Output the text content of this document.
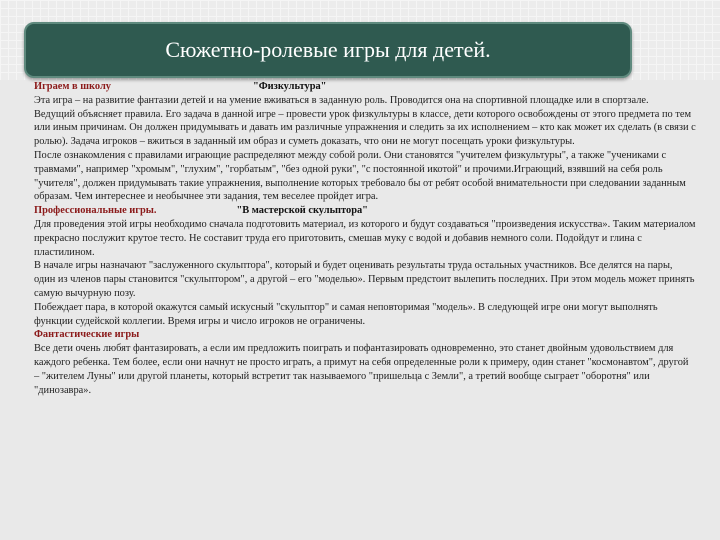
Сюжетно-ролевые игры для детей.

Играем в школу	"Физкультура"

Эта игра – на развитие фантазии детей и на умение вживаться в заданную роль. Проводится она на спортивной площадке или в спортзале.

Ведущий объясняет правила. Его задача в данной игре – провести урок физкультуры в классе, дети которого освобождены от этого предмета по тем или иным причинам. Он должен придумывать и давать им различные упражнения и следить за их исполнением – кто как может их сделать (в связи с ролью). Задача игроков – вжиться в заданный им образ и суметь доказать, что они не могут посещать уроки физкультуры.

После ознакомления с правилами играющие распределяют между собой роли. Они становятся "учителем физкультуры", а также "учениками с травмами", например "хромым", "глухим", "горбатым", "без одной руки", "с постоянной икотой" и прочими.Играющий, взявший на себя роль "учителя", должен придумывать такие упражнения, выполнение которых требовало бы от ребят особой внимательности при следовании заданным образам. Чем интереснее и необычнее эти задания, тем веселее пройдет игра.

Профессиональные игры.	"В мастерской скульптора"

Для проведения этой игры необходимо сначала подготовить материал, из которого и будут создаваться "произведения искусства». Таким материалом прекрасно послужит крутое тесто. Не составит труда его приготовить, смешав муку с водой и добавив немного соли. Подойдут и глина с пластилином.

В начале игры назначают "заслуженного скульптора", который и будет оценивать результаты труда остальных участников. Все делятся на пары, один из членов пары становится "скульптором", а другой – его "моделью». Первым предстоит вылепить последних. При этом модель может принять самую вычурную позу.

Побеждает пара, в которой окажутся самый искусный "скульптор" и самая неповторимая "модель». В следующей игре они могут выполнять функции судейской коллегии. Время игры и число игроков не ограничены.

Фантастические игры

Все дети очень любят фантазировать, а если им предложить поиграть и пофантазировать одновременно, это станет двойным удовольствием для каждого ребенка. Тем более, если они начнут не просто играть, а примут на себя определенные роли к примеру, один станет "космонавтом", другой – "жителем Луны" или другой планеты, который встретит так называемого "пришельца с Земли", а третий вообще сыграет "оборотня" или "динозавра».
